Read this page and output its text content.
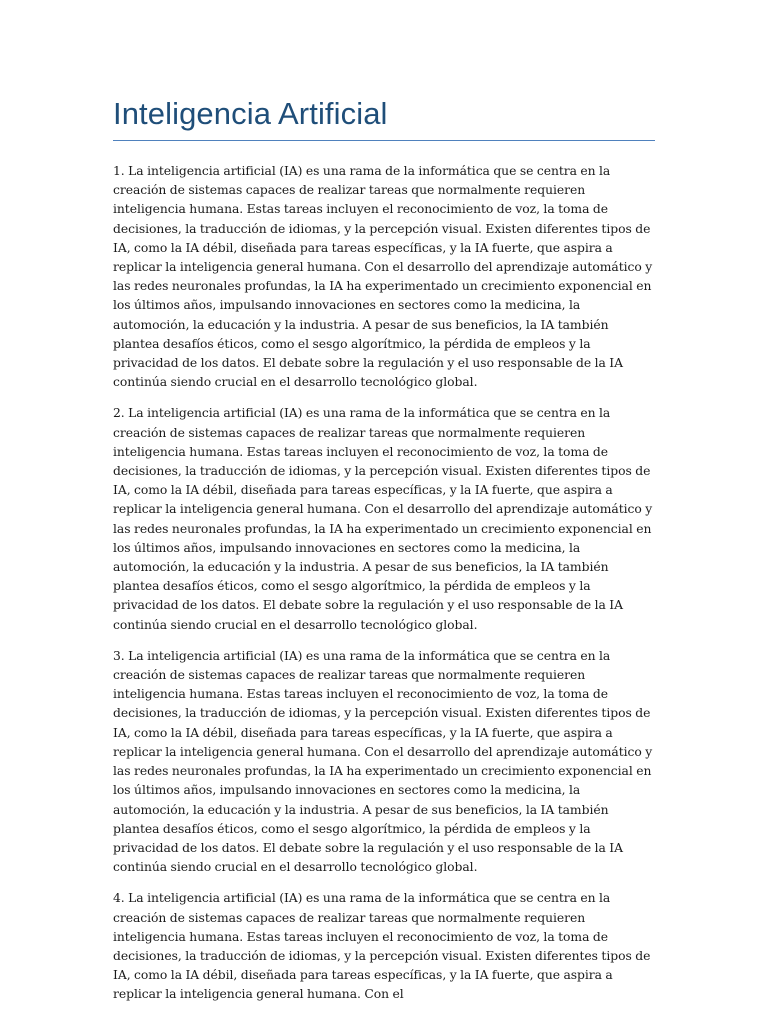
Inteligencia Artificial

1. La inteligencia artificial (IA) es una rama de la informática que se centra en la creación de sistemas capaces de realizar tareas que normalmente requieren inteligencia humana. Estas tareas incluyen el reconocimiento de voz, la toma de decisiones, la traducción de idiomas, y la percepción visual. Existen diferentes tipos de IA, como la IA débil, diseñada para tareas específicas, y la IA fuerte, que aspira a replicar la inteligencia general humana. Con el desarrollo del aprendizaje automático y las redes neuronales profundas, la IA ha experimentado un crecimiento exponencial en los últimos años, impulsando innovaciones en sectores como la medicina, la automoción, la educación y la industria. A pesar de sus beneficios, la IA también plantea desafíos éticos, como el sesgo algorítmico, la pérdida de empleos y la privacidad de los datos. El debate sobre la regulación y el uso responsable de la IA continúa siendo crucial en el desarrollo tecnológico global.

2. La inteligencia artificial (IA) es una rama de la informática que se centra en la creación de sistemas capaces de realizar tareas que normalmente requieren inteligencia humana. Estas tareas incluyen el reconocimiento de voz, la toma de decisiones, la traducción de idiomas, y la percepción visual. Existen diferentes tipos de IA, como la IA débil, diseñada para tareas específicas, y la IA fuerte, que aspira a replicar la inteligencia general humana. Con el desarrollo del aprendizaje automático y las redes neuronales profundas, la IA ha experimentado un crecimiento exponencial en los últimos años, impulsando innovaciones en sectores como la medicina, la automoción, la educación y la industria. A pesar de sus beneficios, la IA también plantea desafíos éticos, como el sesgo algorítmico, la pérdida de empleos y la privacidad de los datos. El debate sobre la regulación y el uso responsable de la IA continúa siendo crucial en el desarrollo tecnológico global.

3. La inteligencia artificial (IA) es una rama de la informática que se centra en la creación de sistemas capaces de realizar tareas que normalmente requieren inteligencia humana. Estas tareas incluyen el reconocimiento de voz, la toma de decisiones, la traducción de idiomas, y la percepción visual. Existen diferentes tipos de IA, como la IA débil, diseñada para tareas específicas, y la IA fuerte, que aspira a replicar la inteligencia general humana. Con el desarrollo del aprendizaje automático y las redes neuronales profundas, la IA ha experimentado un crecimiento exponencial en los últimos años, impulsando innovaciones en sectores como la medicina, la automoción, la educación y la industria. A pesar de sus beneficios, la IA también plantea desafíos éticos, como el sesgo algorítmico, la pérdida de empleos y la privacidad de los datos. El debate sobre la regulación y el uso responsable de la IA continúa siendo crucial en el desarrollo tecnológico global.

4. La inteligencia artificial (IA) es una rama de la informática que se centra en la creación de sistemas capaces de realizar tareas que normalmente requieren inteligencia humana. Estas tareas incluyen el reconocimiento de voz, la toma de decisiones, la traducción de idiomas, y la percepción visual. Existen diferentes tipos de IA, como la IA débil, diseñada para tareas específicas, y la IA fuerte, que aspira a replicar la inteligencia general humana. Con el
